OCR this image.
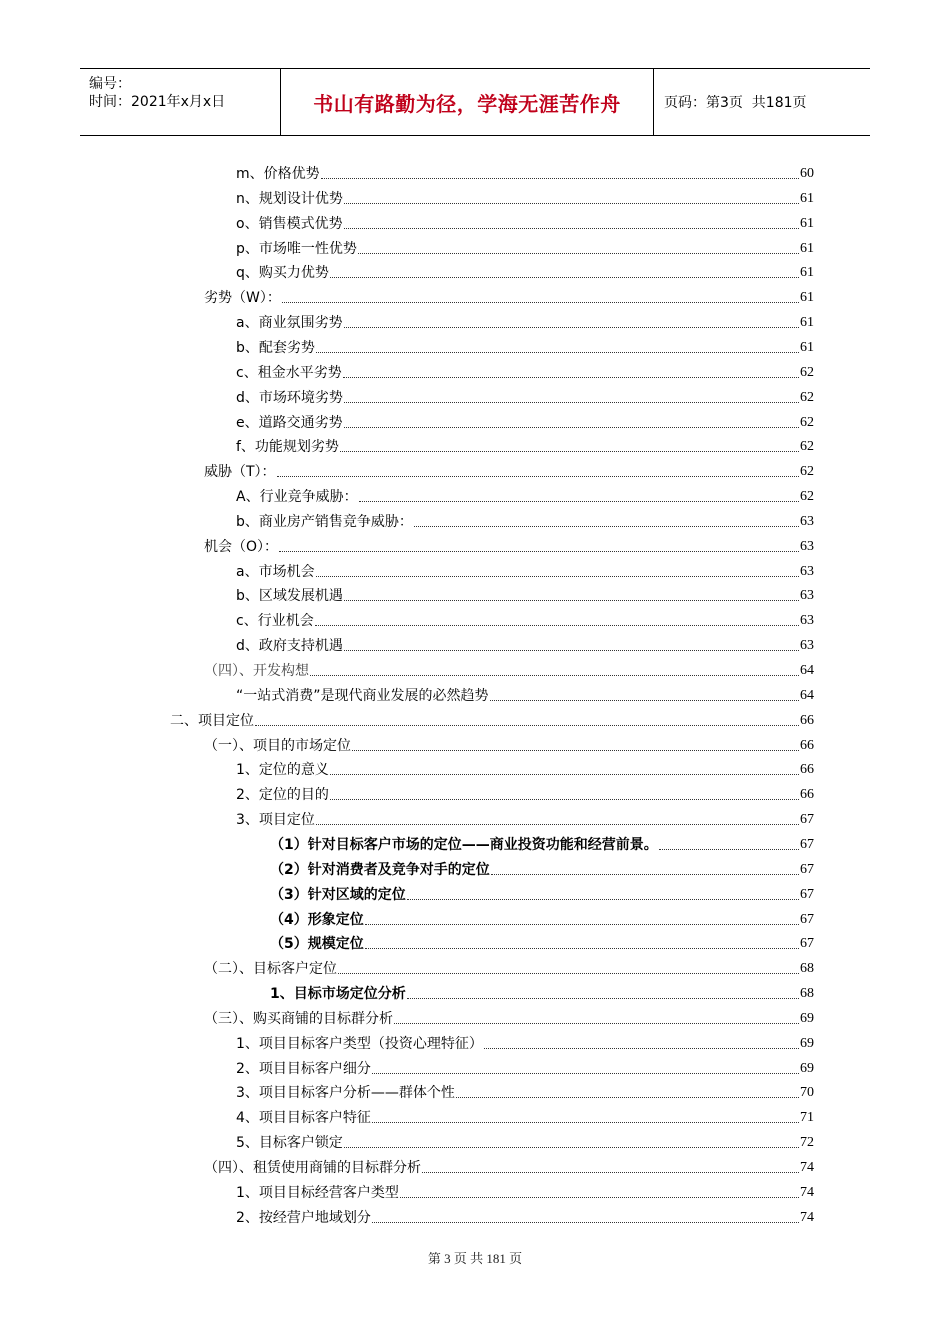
编号：
时间：2021年x月x日	书山有路勤为径，学海无涯苦作舟	页码：第3页  共181页
m、价格优势	60
n、规划设计优势	61
o、销售模式优势	61
p、市场唯一性优势	61
q、购买力优势	61
劣势（W）：	61
a、商业氛围劣势	61
b、配套劣势	61
c、租金水平劣势	62
d、市场环境劣势	62
e、道路交通劣势	62
f、功能规划劣势	62
威胁（T）：	62
A、行业竞争威胁：	62
b、商业房产销售竞争威胁：	63
机会（O）：	63
a、市场机会	63
b、区域发展机遇	63
c、行业机会	63
d、政府支持机遇	63
（四）、开发构想	64
“一站式消费”是现代商业发展的必然趋势	64
二、项目定位	66
（一）、项目的市场定位	66
1、定位的意义	66
2、定位的目的	66
3、项目定位	67
（1）针对目标客户市场的定位——商业投资功能和经营前景。	67
（2）针对消费者及竞争对手的定位	67
（3）针对区域的定位	67
（4）形象定位	67
（5）规模定位	67
（二）、目标客户定位	68
1、目标市场定位分析	68
（三）、购买商铺的目标群分析	69
1、项目目标客户类型（投资心理特征）	69
2、项目目标客户细分	69
3、项目目标客户分析——群体个性	70
4、项目目标客户特征	71
5、目标客户锁定	72
（四）、租赁使用商铺的目标群分析	74
1、项目目标经营客户类型	74
2、按经营户地域划分	74
第 3 页 共 181 页
